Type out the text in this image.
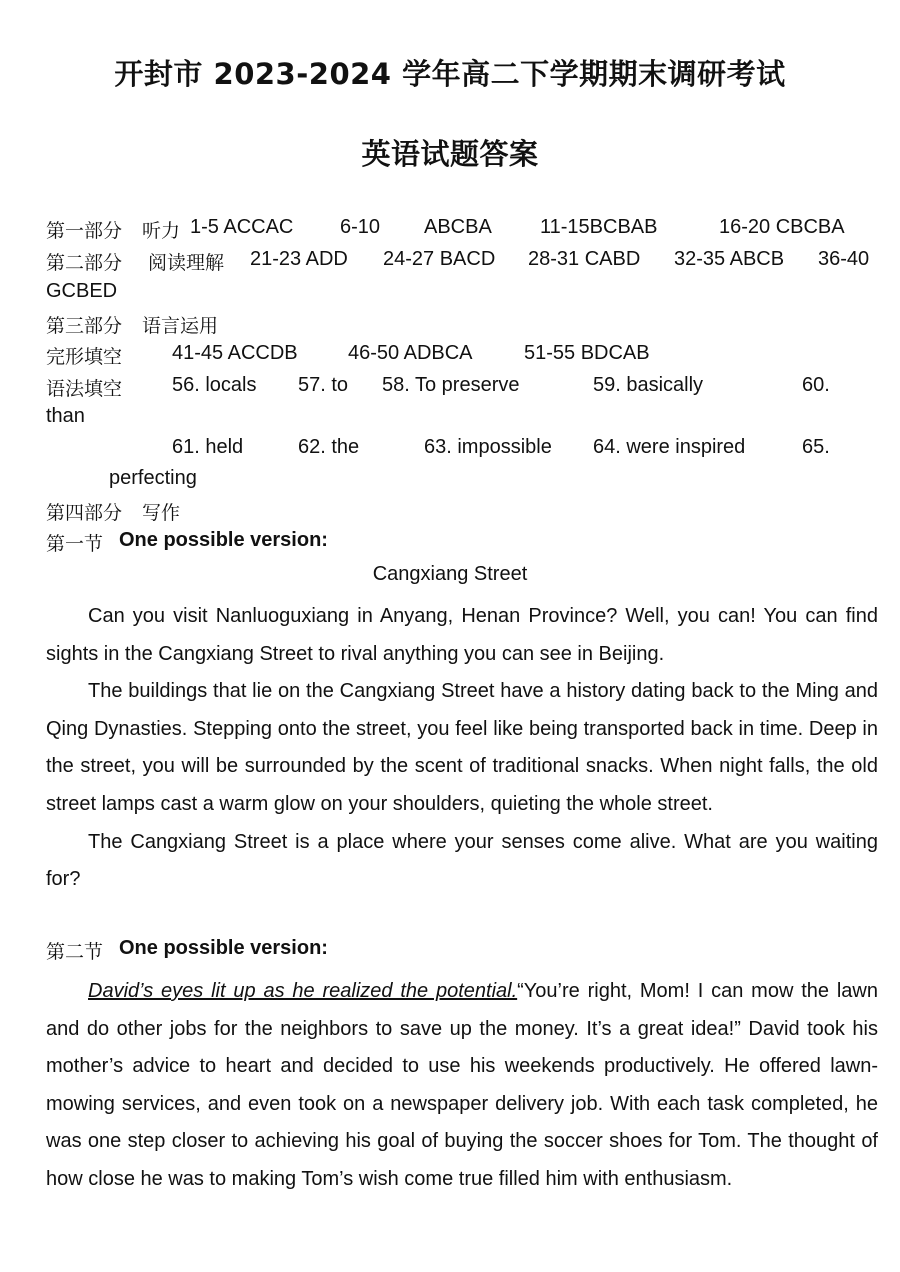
开封市 2023-2024 学年高二下学期期末调研考试
英语试题答案
第一部分 听力 1-5 ACCAC 6-10 ABCBA 11-15BCBAB	16-20 CBCBA
第二部分 阅读理解 21-23 ADD 24-27 BACD 28-31 CABD 32-35 ABCB 36-40
GCBED
第三部分 语言运用
完形填空 41-45 ACCDB	46-50 ADBCA	51-55 BDCAB
语法填空 56. locals 57. to 58. To preserve	59. basically	60.
than
61. held	62. the	63. impossible 64. were inspired	65.
perfecting
第四部分 写作
第一节 One possible version:
Cangxiang Street

Can you visit Nanluoguxiang in Anyang, Henan Province? Well, you can! You can find sights in the Cangxiang Street to rival anything you can see in Beijing.

The buildings that lie on the Cangxiang Street have a history dating back to the Ming and Qing Dynasties. Stepping onto the street, you feel like being transported back in time. Deep in the street, you will be surrounded by the scent of traditional snacks. When night falls, the old street lamps cast a warm glow on your shoulders, quieting the whole street.

The Cangxiang Street is a place where your senses come alive. What are you waiting for?

第二节 One possible version:

David’s eyes lit up as he realized the potential.“You’re right, Mom! I can mow the lawn and do other jobs for the neighbors to save up the money. It’s a great idea!” David took his mother’s advice to heart and decided to use his weekends productively. He offered lawn-mowing services, and even took on a newspaper delivery job. With each task completed, he was one step closer to achieving his goal of buying the soccer shoes for Tom. The thought of how close he was to making Tom’s wish come true filled him with enthusiasm.
